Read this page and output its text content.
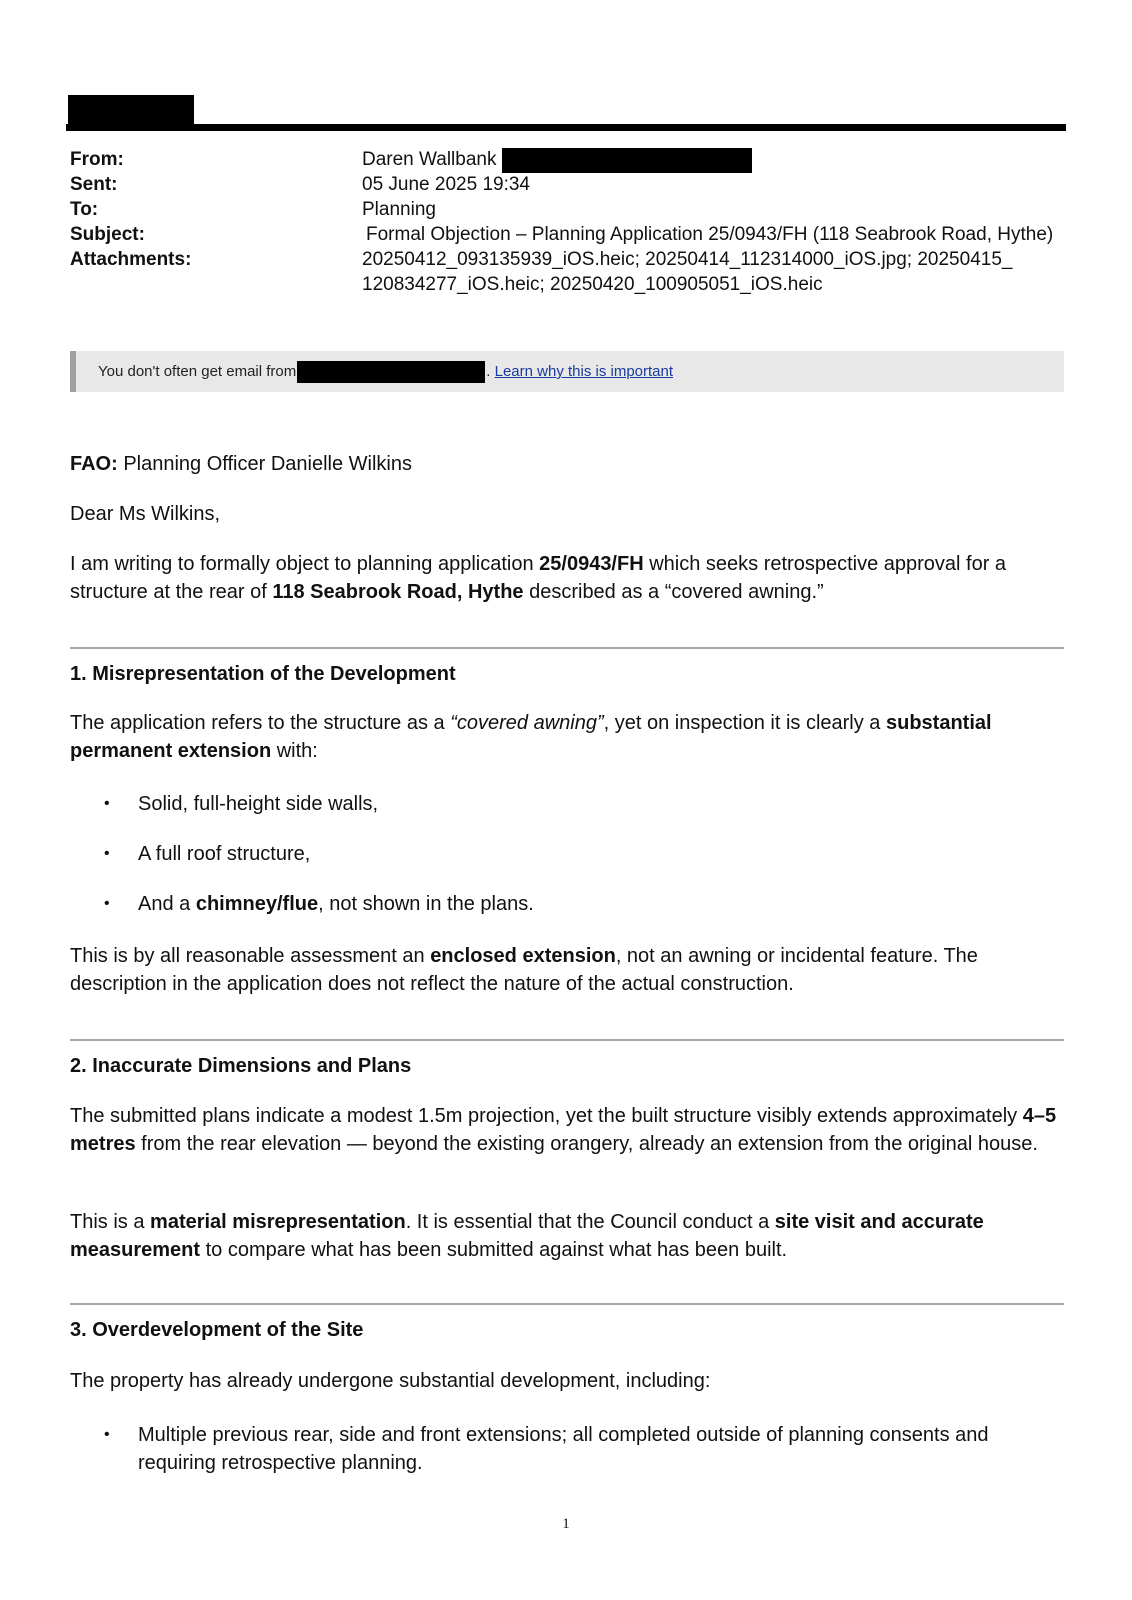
From:	Daren Wallbank
Sent:	05 June 2025 19:34
To:	Planning
Subject:	Formal Objection – Planning Application 25/0943/FH (118 Seabrook Road, Hythe)
Attachments:	20250412_093135939_iOS.heic; 20250414_112314000_iOS.jpg; 20250415_
120834277_iOS.heic; 20250420_100905051_iOS.heic
You don't often get email from	. Learn why this is important
FAO: Planning Officer Danielle Wilkins
Dear Ms Wilkins,
I am writing to formally object to planning application 25/0943/FH which seeks retrospective approval for a structure at the rear of 118 Seabrook Road, Hythe described as a “covered awning.”
1. Misrepresentation of the Development
The application refers to the structure as a “covered awning”, yet on inspection it is clearly a substantial permanent extension with:
• Solid, full-height side walls,
• A full roof structure,
• And a chimney/flue, not shown in the plans.
This is by all reasonable assessment an enclosed extension, not an awning or incidental feature. The description in the application does not reflect the nature of the actual construction.
2. Inaccurate Dimensions and Plans
The submitted plans indicate a modest 1.5m projection, yet the built structure visibly extends approximately 4–5 metres from the rear elevation — beyond the existing orangery, already an extension from the original house.
This is a material misrepresentation. It is essential that the Council conduct a site visit and accurate measurement to compare what has been submitted against what has been built.
3. Overdevelopment of the Site
The property has already undergone substantial development, including:
• Multiple previous rear, side and front extensions; all completed outside of planning consents and requiring retrospective planning.
1
